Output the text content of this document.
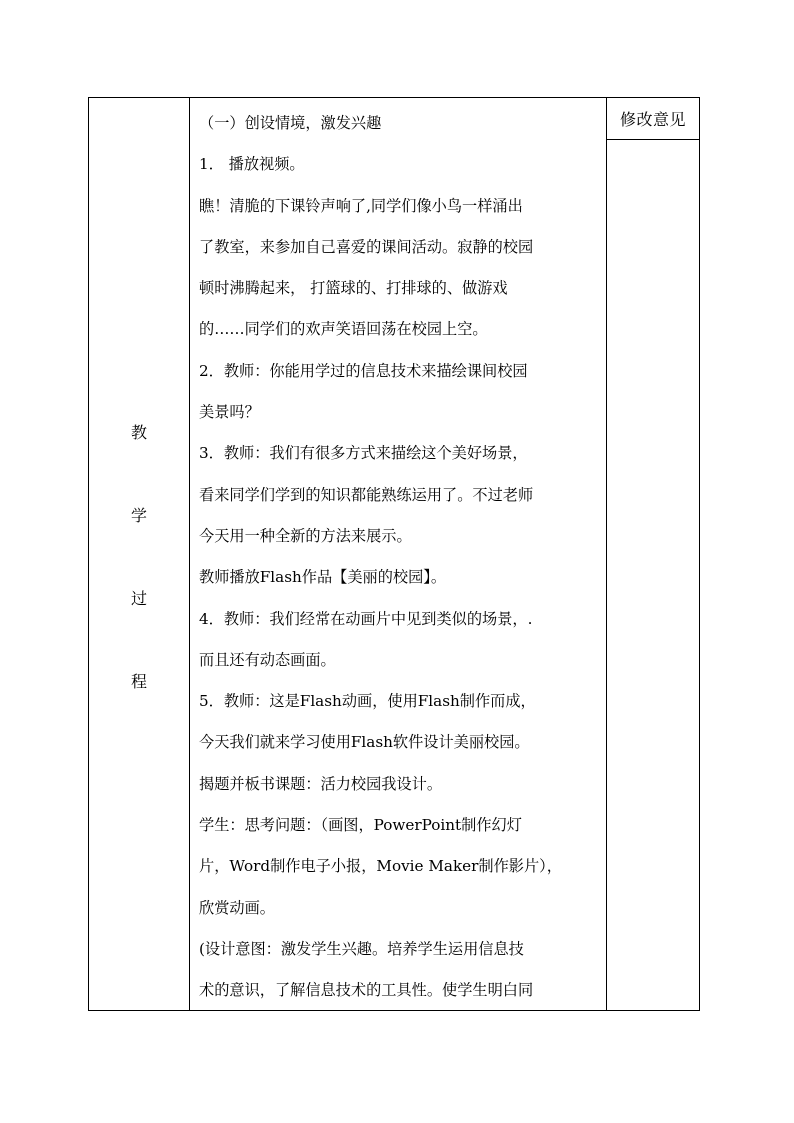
教
学
过
程
（一）创设情境，激发兴趣
1． 播放视频。
瞧！清脆的下课铃声响了,同学们像小鸟一样涌出
了教室，来参加自己喜爱的课间活动。寂静的校园
顿时沸腾起来， 打篮球的、打排球的、做游戏
的……同学们的欢声笑语回荡在校园上空。
2．教师：你能用学过的信息技术来描绘课间校园
美景吗？
3．教师：我们有很多方式来描绘这个美好场景，
看来同学们学到的知识都能熟练运用了。不过老师
今天用一种全新的方法来展示。
教师播放Flash作品【美丽的校园】。
4．教师：我们经常在动画片中见到类似的场景，.
而且还有动态画面。
5．教师：这是Flash动画，使用Flash制作而成，
今天我们就来学习使用Flash软件设计美丽校园。
揭题并板书课题：活力校园我设计。
学生：思考问题：（画图，PowerPoint制作幻灯
片，Word制作电子小报，Movie Maker制作影片），
欣赏动画。
(设计意图：激发学生兴趣。培养学生运用信息技
术的意识，了解信息技术的工具性。使学生明白同
修改意见
